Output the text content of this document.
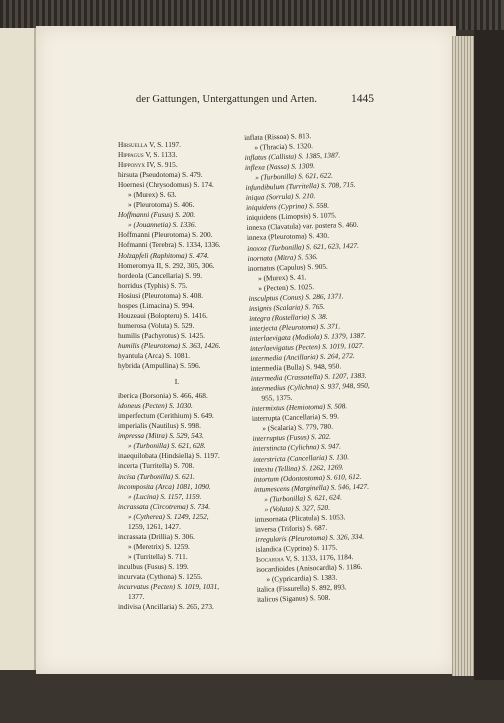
der Gattungen, Untergattungen und Arten.	1445
Hirsuella V, S. 1197.
Hippagus V, S. 1133.
Hipponyx IV, S. 915.
hirsuta (Pseudotoma) S. 479.
Hoernesi (Chrysodomus) S. 174.
» (Murex) S. 63.
» (Pleurotoma) S. 406.
Hoffmanni (Fusus) S. 200.
» (Jouannetia) S. 1336.
Hoffmanni (Pleurotoma) S. 200.
Hofmanni (Terebra) S. 1334, 1336.
Holzapfeli (Raphitoma) S. 474.
Homeromya II, S. 292, 305, 306.
hordeola (Cancellaria) S. 99.
horridus (Typhis) S. 75.
Hosiusi (Pleurotoma) S. 408.
hospes (Limacina) S. 994.
Houzeaui (Bolopteru) S. 1416.
humerosa (Voluta) S. 529.
humilis (Pachyrotus) S. 1425.
humilis (Pleurotoma) S. 363, 1426.
hyantula (Arca) S. 1081.
hybrida (Ampullina) S. 596.
I.
iberica (Borsonia) S. 466, 468.
idoneus (Pecten) S. 1030.
imperfectum (Cerithium) S. 649.
imperialis (Nautilus) S. 998.
impressa (Mitra) S. 529, 543.
» (Turbonilla) S. 621, 628.
inaequilobata (Hindsiella) S. 1197.
incerta (Turritella) S. 708.
incisa (Turbonilla) S. 621.
incomposita (Arca) 1081, 1090.
» (Lucina) S. 1157, 1159.
incrassata (Circotrema) S. 734.
» (Cytherea) S. 1249, 1252,
1259, 1261, 1427.
incrassata (Drillia) S. 306.
» (Meretrix) S. 1259.
» (Turritella) S. 711.
inculbus (Fusus) S. 199.
incurvata (Cythona) S. 1255.
incurvatus (Pecten) S. 1019, 1031,
1377.
indivisa (Ancillaria) S. 265, 273.
inflata (Rissoa) S. 813.
» (Thracia) S. 1320.
inflatus (Callista) S. 1385, 1387.
inflexa (Nassa) S. 1309.
» (Turbonilla) S. 621, 622.
infundibulum (Turritella) S. 708, 715.
iniqua (Sorrula) S. 210.
iniquidens (Cyprina) S. 558.
iniquidens (Limopsis) S. 1075.
innexa (Clavatula) var. postera S. 460.
innexa (Pleurotoma) S. 430.
inoxxa (Turbonilla) S. 621, 623, 1427.
inornata (Mitra) S. 536.
inornatus (Capulus) S. 905.
» (Murex) S. 41.
» (Pecten) S. 1025.
insculptus (Conus) S. 286, 1371.
insignis (Scalaria) S. 765.
integra (Rostellaria) S. 38.
interjecta (Pleurotoma) S. 371.
interlaevigata (Modiola) S. 1379, 1387.
interlaevigatus (Pecten) S. 1019, 1027.
intermedia (Ancillaria) S. 264, 272.
intermedia (Bulla) S. 948, 950.
intermedia (Crassatella) S. 1207, 1383.
intermedius (Cylichna) S. 937, 948, 950,
955, 1375.
intermixtus (Hemiotoma) S. 508.
interrupta (Cancellaria) S. 99.
» (Scalaria) S. 779, 780.
interruptus (Fusus) S. 202.
interstincta (Cylichna) S. 947.
interstricta (Cancellaria) S. 130.
intextu (Tellina) S. 1262, 1269.
intortum (Odontostoma) S. 610, 612.
intumescens (Marginella) S. 546, 1427.
» (Turbonilla) S. 621, 624.
» (Voluta) S. 327, 520.
intusornata (Plicatula) S. 1053.
inversa (Triforis) S. 687.
irregularis (Pleurotoma) S. 326, 334.
islandica (Cyprina) S. 1175.
Isocardia V, S. 1133, 1176, 1184.
isocardioides (Anisocardia) S. 1186.
» (Cypricardia) S. 1383.
italica (Fissurella) S. 892, 893.
italicus (Siganus) S. 508.
